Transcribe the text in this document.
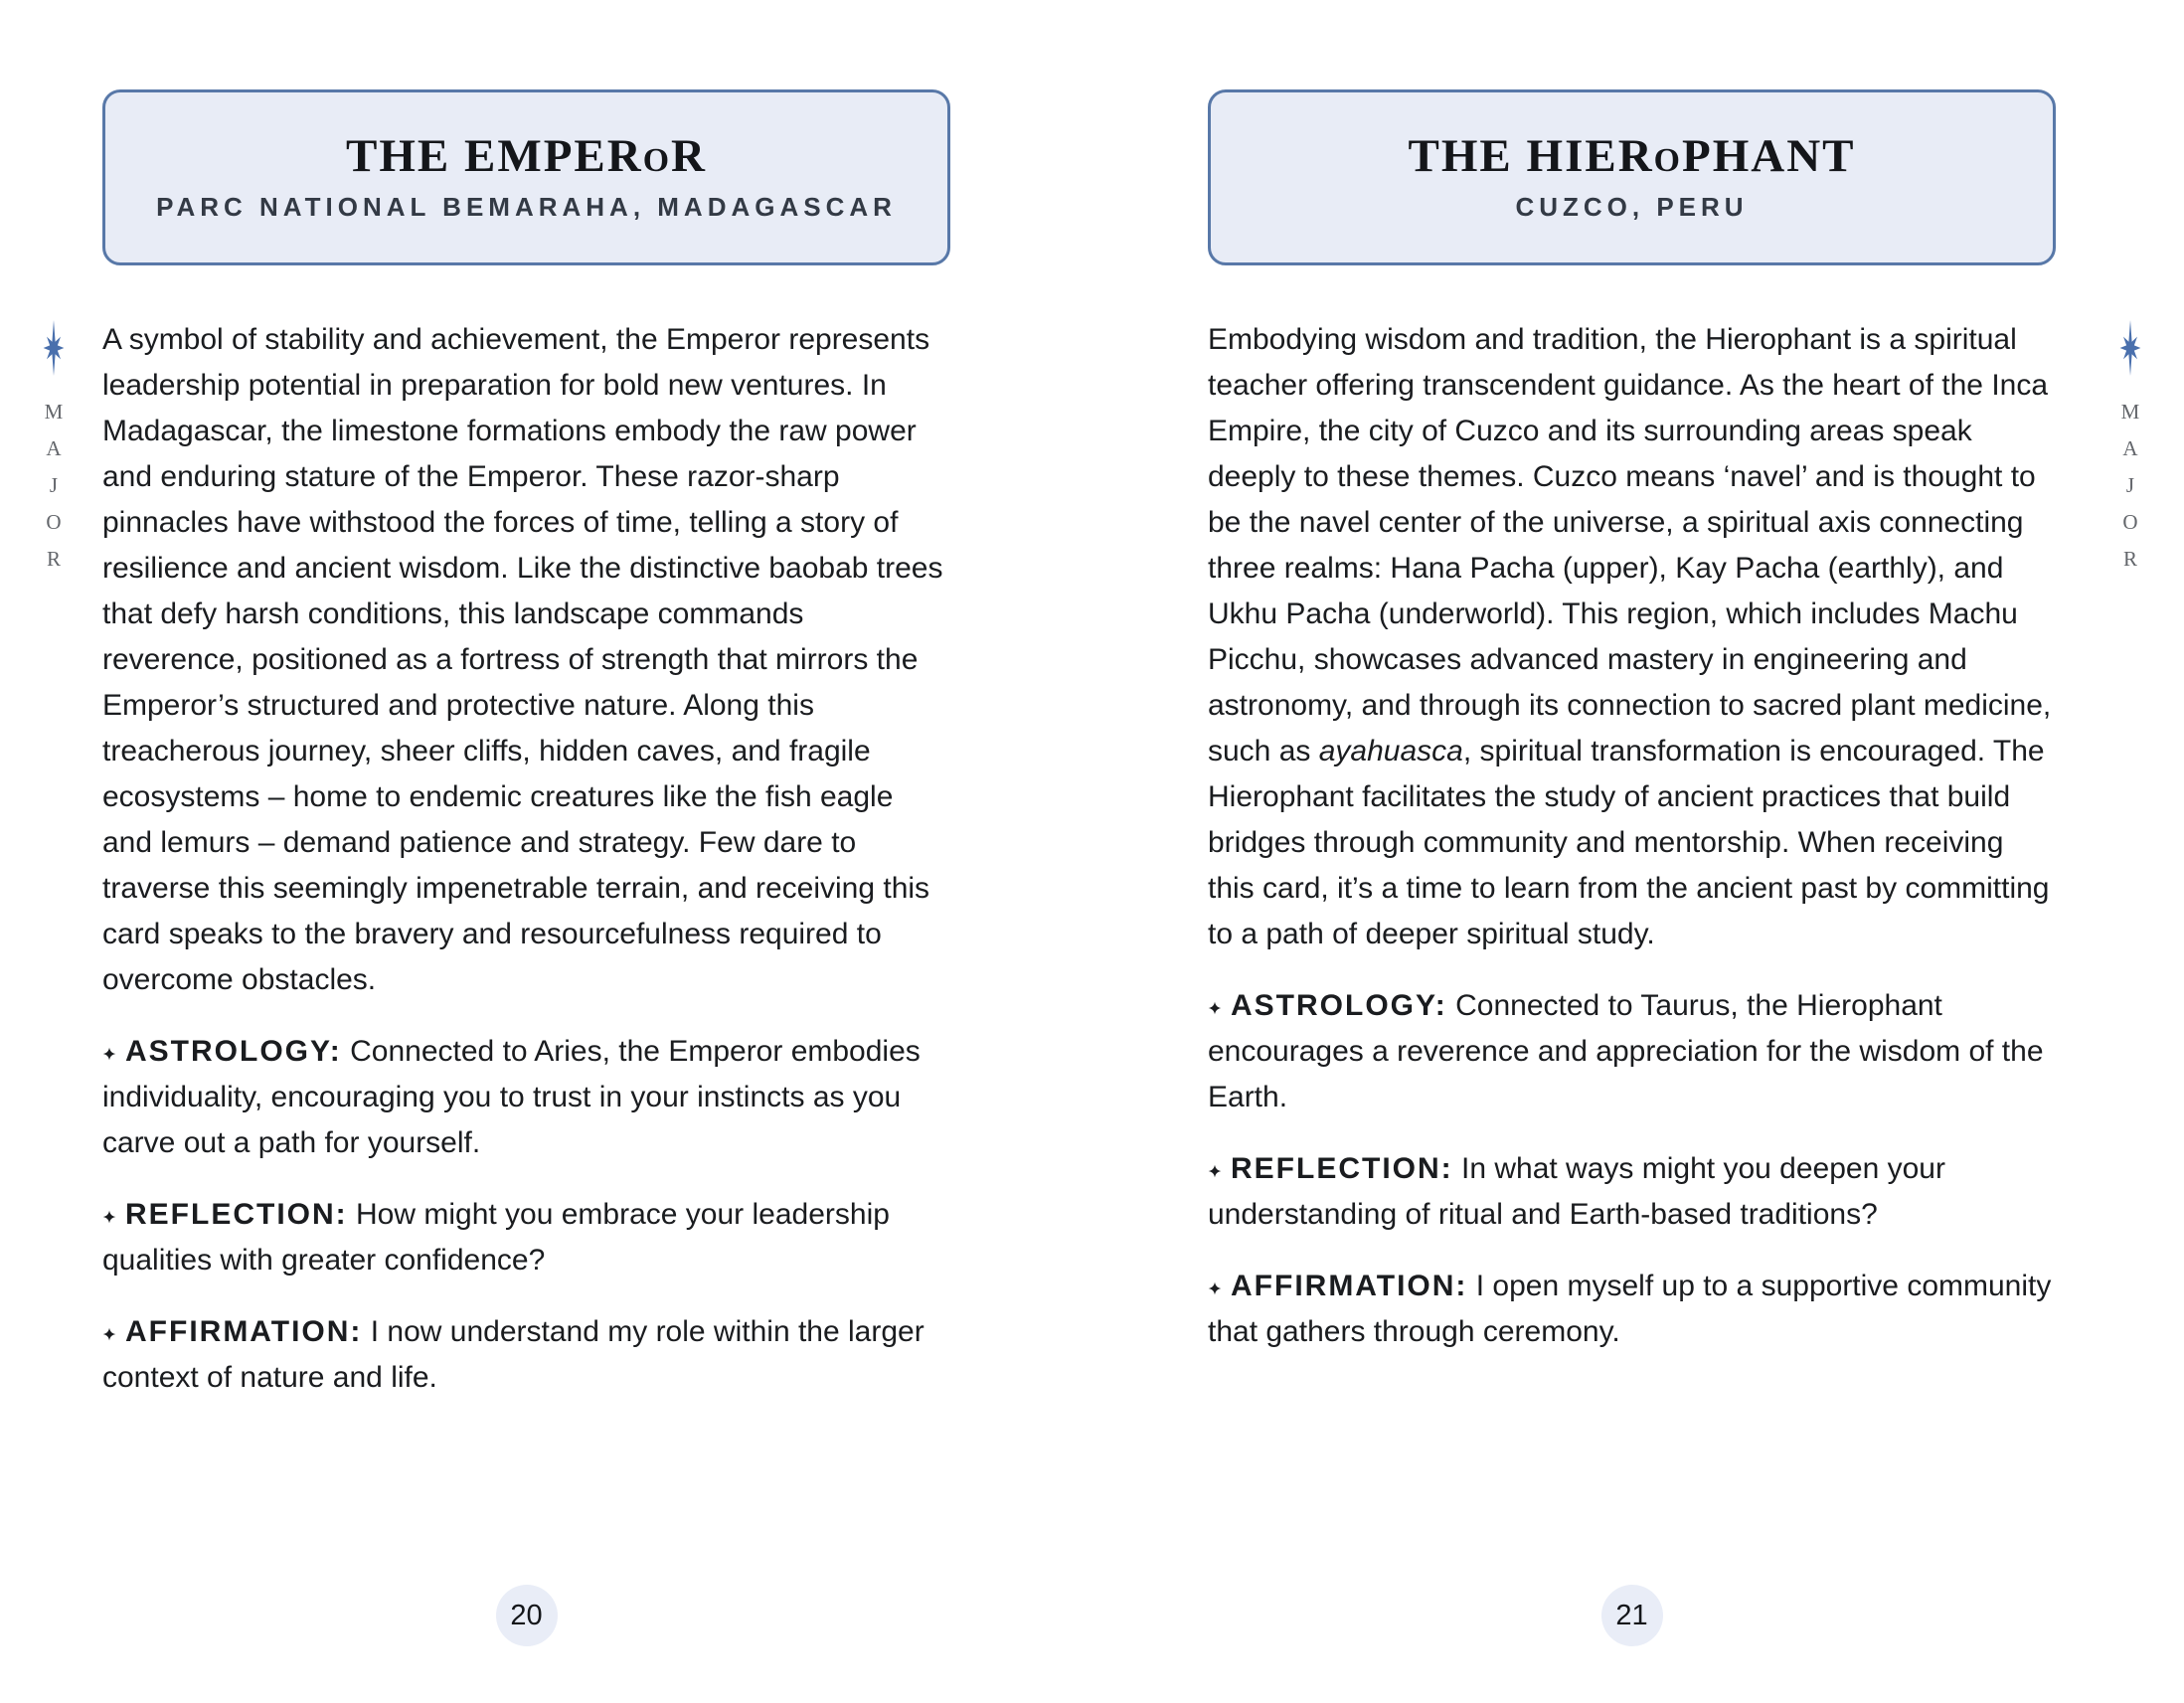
M
A
J
O
R
M
A
J
O
R
THE EMPEROR
PARC NATIONAL BEMARAHA, MADAGASCAR

A symbol of stability and achievement, the Emperor represents leadership potential in preparation for bold new ventures. In Madagascar, the limestone formations embody the raw power and enduring stature of the Emperor. These razor-sharp pinnacles have withstood the forces of time, telling a story of resilience and ancient wisdom. Like the distinctive baobab trees that defy harsh conditions, this landscape commands reverence, positioned as a fortress of strength that mirrors the Emperor’s structured and protective nature. Along this treacherous journey, sheer cliffs, hidden caves, and fragile ecosystems – home to endemic creatures like the fish eagle and lemurs – demand patience and strategy. Few dare to traverse this seemingly impenetrable terrain, and receiving this card speaks to the bravery and resourcefulness required to overcome obstacles.

ASTROLOGY: Connected to Aries, the Emperor embodies individuality, encouraging you to trust in your instincts as you carve out a path for yourself.

REFLECTION: How might you embrace your leadership qualities with greater confidence?

AFFIRMATION: I now understand my role within the larger context of nature and life.

20
THE HIEROPHANT
CUZCO, PERU

Embodying wisdom and tradition, the Hierophant is a spiritual teacher offering transcendent guidance. As the heart of the Inca Empire, the city of Cuzco and its surrounding areas speak deeply to these themes. Cuzco means ‘navel’ and is thought to be the navel center of the universe, a spiritual axis connecting three realms: Hana Pacha (upper), Kay Pacha (earthly), and Ukhu Pacha (underworld). This region, which includes Machu Picchu, showcases advanced mastery in engineering and astronomy, and through its connection to sacred plant medicine, such as ayahuasca, spiritual transformation is encouraged. The Hierophant facilitates the study of ancient practices that build bridges through community and mentorship. When receiving this card, it’s a time to learn from the ancient past by committing to a path of deeper spiritual study.

ASTROLOGY: Connected to Taurus, the Hierophant encourages a reverence and appreciation for the wisdom of the Earth.

REFLECTION: In what ways might you deepen your understanding of ritual and Earth-based traditions?

AFFIRMATION: I open myself up to a supportive community that gathers through ceremony.

21
